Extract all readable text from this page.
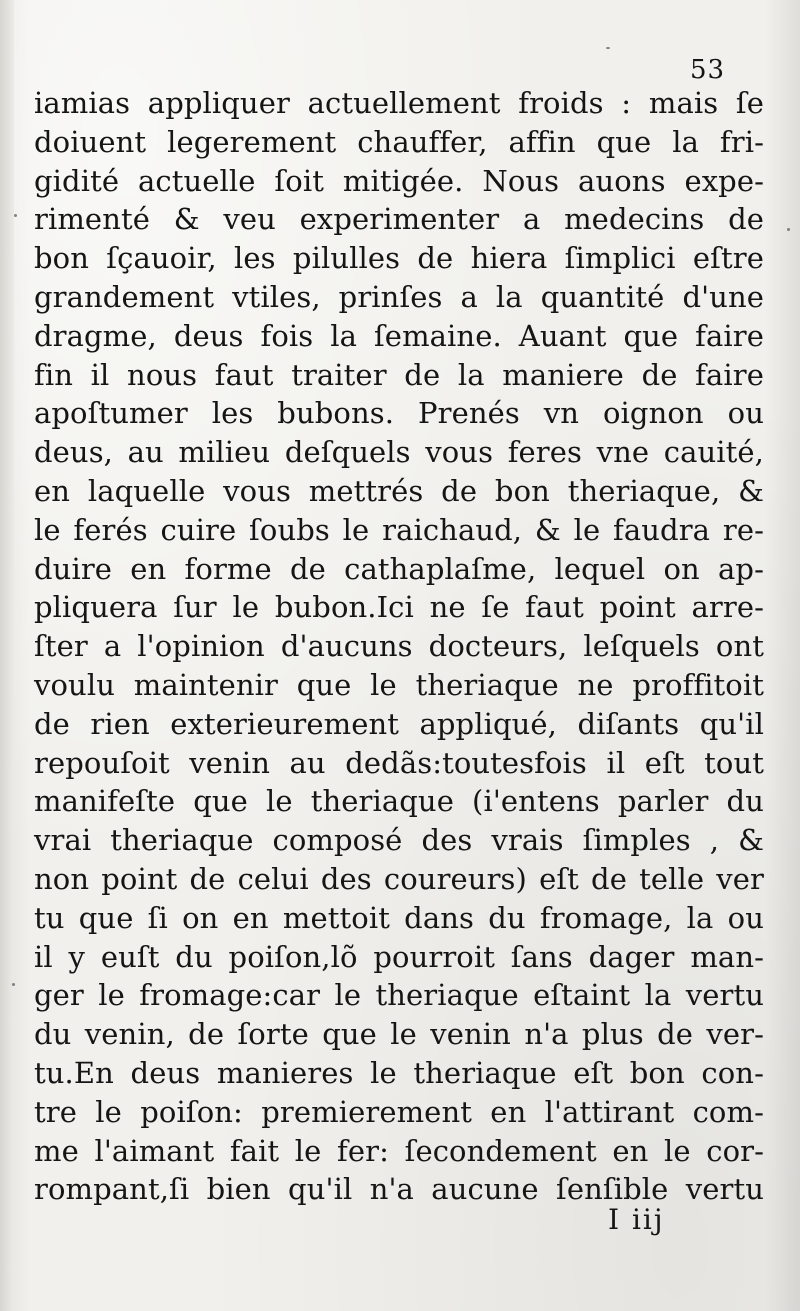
53
iamias appliquer actuellement froids : mais ſe
doiuent legerement chauffer, affin que la fri-
gidité actuelle ſoit mitigée. Nous auons expe-
rimenté & veu experimenter a medecins de
bon ſçauoir, les pilulles de hiera ſimplici eſtre
grandement vtiles, prinſes a la quantité d'une
dragme, deus fois la ſemaine. Auant que faire
fin il nous faut traiter de la maniere de faire
apoſtumer les bubons. Prenés vn oignon ou
deus, au milieu deſquels vous feres vne cauité,
en laquelle vous mettrés de bon theriaque, &
le ferés cuire ſoubs le raichaud, & le faudra re-
duire en forme de cathaplaſme, lequel on ap-
pliquera ſur le bubon.Ici ne ſe faut point arre-
ſter a l'opinion d'aucuns docteurs, leſquels ont
voulu maintenir que le theriaque ne proffitoit
de rien exterieurement appliqué, diſants qu'il
repouſoit venin au dedãs:toutesfois il eſt tout
manifeſte que le theriaque (i'entens parler du
vrai theriaque composé des vrais ſimples , &
non point de celui des coureurs) eſt de telle ver
tu que ſi on en mettoit dans du fromage, la ou
il y euſt du poiſon,lõ pourroit ſans dager man-
ger le fromage:car le theriaque eſtaint la vertu
du venin, de ſorte que le venin n'a plus de ver-
tu.En deus manieres le theriaque eſt bon con-
tre le poiſon: premierement en l'attirant com-
me l'aimant fait le fer: ſecondement en le cor-
rompant,ſi bien qu'il n'a aucune ſenſible vertu
I iij
